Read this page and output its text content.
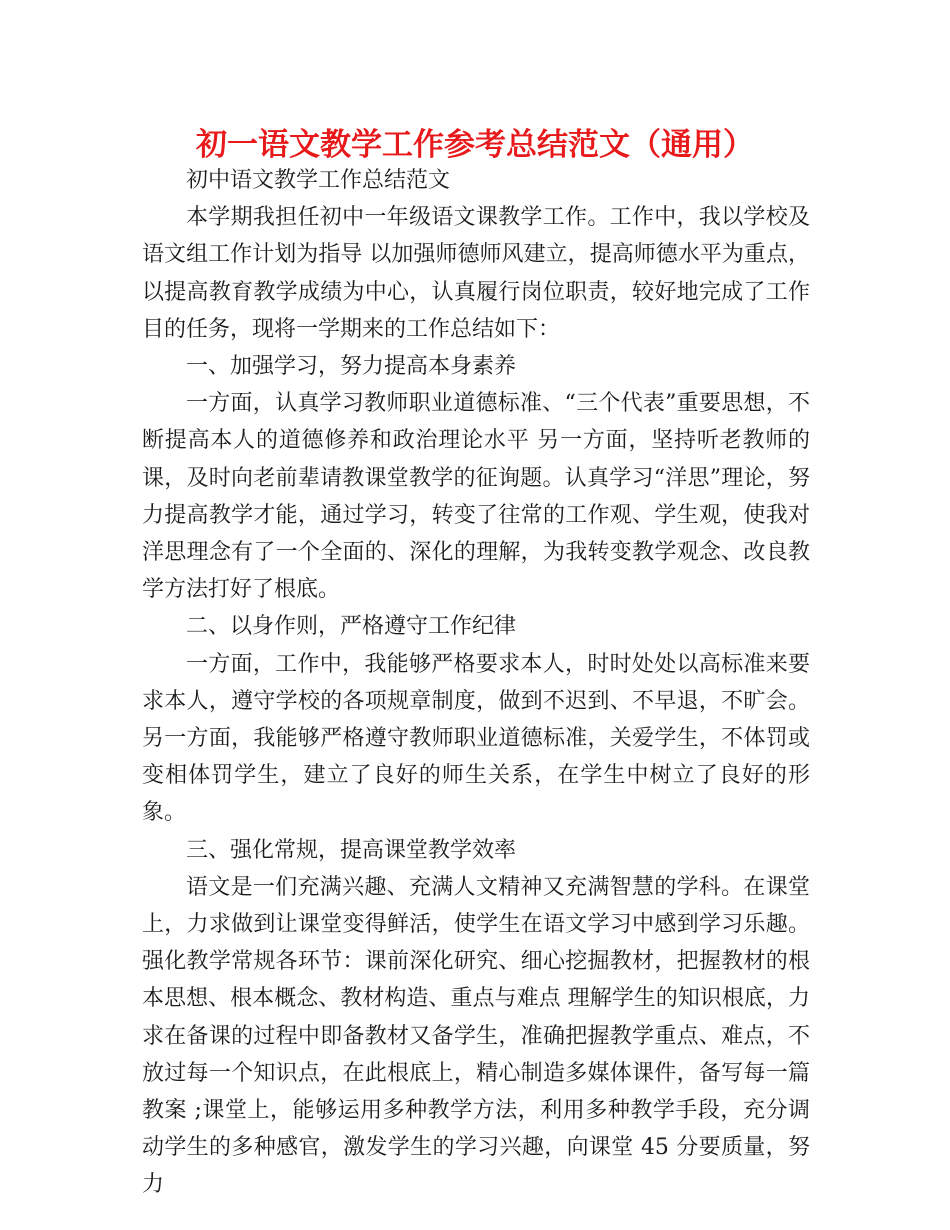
初一语文教学工作参考总结范文（通用）

初中语文教学工作总结范文

本学期我担任初中一年级语文课教学工作。工作中，我以学校及语文组工作计划为指导 以加强师德师风建立，提高师德水平为重点，以提高教育教学成绩为中心，认真履行岗位职责，较好地完成了工作目的任务，现将一学期来的工作总结如下：

一、加强学习，努力提高本身素养

一方面，认真学习教师职业道德标准、“三个代表”重要思想，不断提高本人的道德修养和政治理论水平 另一方面，坚持听老教师的课，及时向老前辈请教课堂教学的征询题。认真学习“洋思”理论，努力提高教学才能，通过学习，转变了往常的工作观、学生观，使我对洋思理念有了一个全面的、深化的理解，为我转变教学观念、改良教学方法打好了根底。

二、以身作则，严格遵守工作纪律

一方面，工作中，我能够严格要求本人，时时处处以高标准来要求本人，遵守学校的各项规章制度，做到不迟到、不早退，不旷会。另一方面，我能够严格遵守教师职业道德标准，关爱学生，不体罚或变相体罚学生，建立了良好的师生关系，在学生中树立了良好的形象。

三、强化常规，提高课堂教学效率

语文是一们充满兴趣、充满人文精神又充满智慧的学科。在课堂上，力求做到让课堂变得鲜活，使学生在语文学习中感到学习乐趣。强化教学常规各环节：课前深化研究、细心挖掘教材，把握教材的根本思想、根本概念、教材构造、重点与难点 理解学生的知识根底，力求在备课的过程中即备教材又备学生，准确把握教学重点、难点，不放过每一个知识点，在此根底上，精心制造多媒体课件，备写每一篇教案 ;课堂上，能够运用多种教学方法，利用多种教学手段，充分调动学生的多种感官，激发学生的学习兴趣，向课堂 45 分要质量，努力
